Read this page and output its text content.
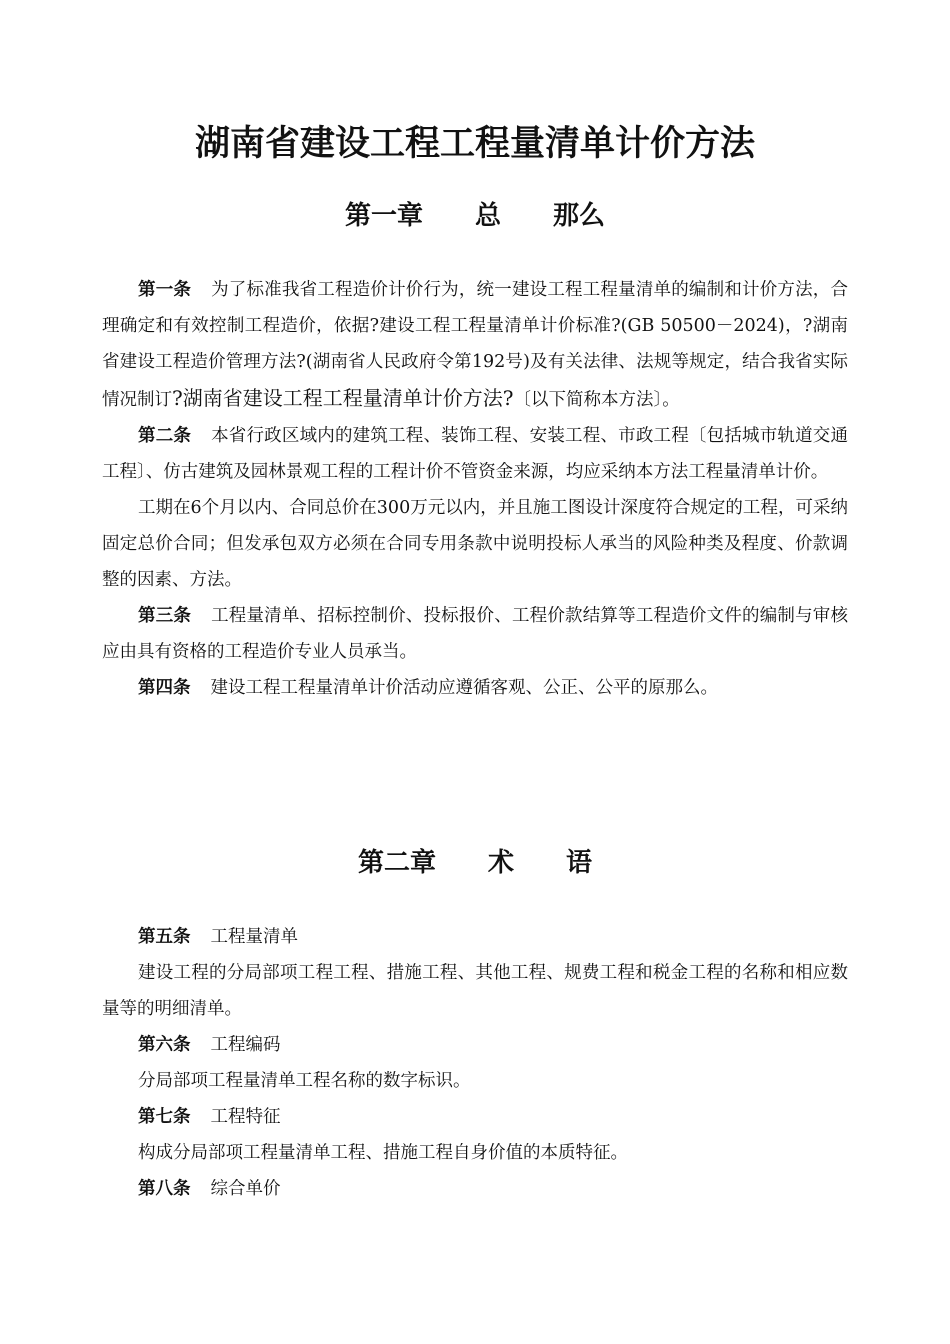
湖南省建设工程工程量清单计价方法
第一章　　总　　那么

第一条 为了标准我省工程造价计价行为，统一建设工程工程量清单的编制和计价方法，合理确定和有效控制工程造价，依据?建设工程工程量清单计价标准?(GB 50500－2024)，?湖南省建设工程造价管理方法?(湖南省人民政府令第192号)及有关法律、法规等规定，结合我省实际情况制订?湖南省建设工程工程量清单计价方法?〔以下简称本方法〕。

第二条 本省行政区域内的建筑工程、装饰工程、安装工程、市政工程〔包括城市轨道交通工程〕、仿古建筑及园林景观工程的工程计价不管资金来源，均应采纳本方法工程量清单计价。

工期在6个月以内、合同总价在300万元以内，并且施工图设计深度符合规定的工程，可采纳固定总价合同；但发承包双方必须在合同专用条款中说明投标人承当的风险种类及程度、价款调整的因素、方法。

第三条 工程量清单、招标控制价、投标报价、工程价款结算等工程造价文件的编制与审核应由具有资格的工程造价专业人员承当。

第四条 建设工程工程量清单计价活动应遵循客观、公正、公平的原那么。

第二章　　术　　语

第五条 工程量清单

建设工程的分局部项工程工程、措施工程、其他工程、规费工程和税金工程的名称和相应数量等的明细清单。

第六条 工程编码

分局部项工程量清单工程名称的数字标识。

第七条 工程特征

构成分局部项工程量清单工程、措施工程自身价值的本质特征。

第八条 综合单价
